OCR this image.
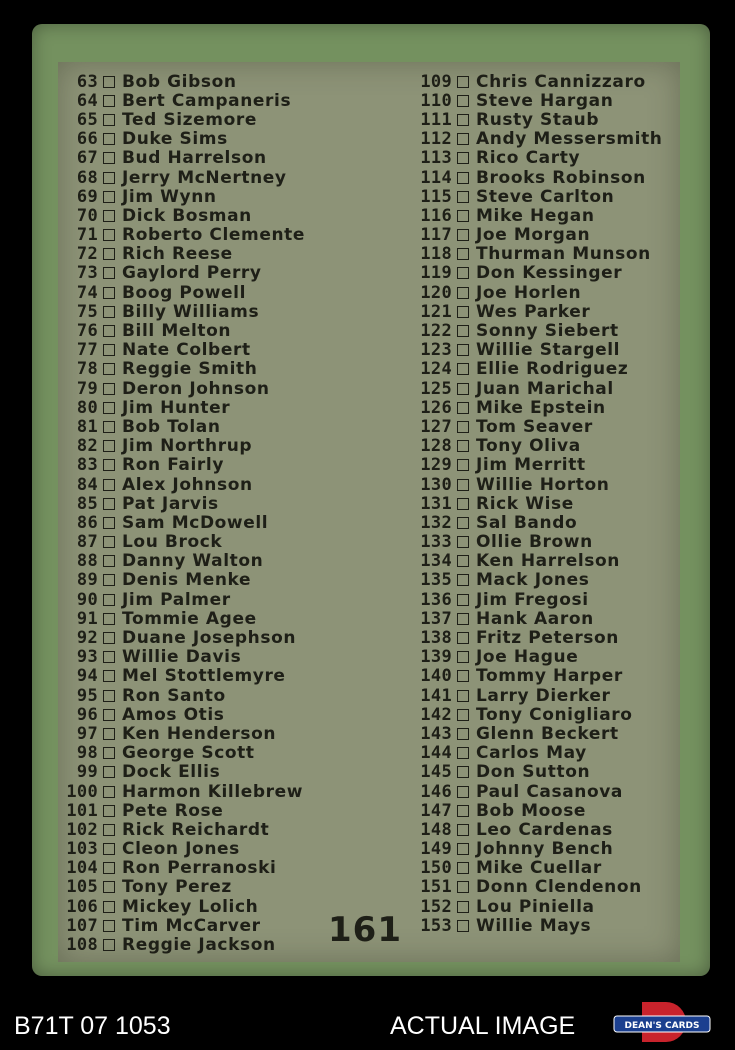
63 Bob Gibson
64 Bert Campaneris
65 Ted Sizemore
66 Duke Sims
67 Bud Harrelson
68 Jerry McNertney
69 Jim Wynn
70 Dick Bosman
71 Roberto Clemente
72 Rich Reese
73 Gaylord Perry
74 Boog Powell
75 Billy Williams
76 Bill Melton
77 Nate Colbert
78 Reggie Smith
79 Deron Johnson
80 Jim Hunter
81 Bob Tolan
82 Jim Northrup
83 Ron Fairly
84 Alex Johnson
85 Pat Jarvis
86 Sam McDowell
87 Lou Brock
88 Danny Walton
89 Denis Menke
90 Jim Palmer
91 Tommie Agee
92 Duane Josephson
93 Willie Davis
94 Mel Stottlemyre
95 Ron Santo
96 Amos Otis
97 Ken Henderson
98 George Scott
99 Dock Ellis
100 Harmon Killebrew
101 Pete Rose
102 Rick Reichardt
103 Cleon Jones
104 Ron Perranoski
105 Tony Perez
106 Mickey Lolich
107 Tim McCarver
108 Reggie Jackson
109 Chris Cannizzaro
110 Steve Hargan
111 Rusty Staub
112 Andy Messersmith
113 Rico Carty
114 Brooks Robinson
115 Steve Carlton
116 Mike Hegan
117 Joe Morgan
118 Thurman Munson
119 Don Kessinger
120 Joe Horlen
121 Wes Parker
122 Sonny Siebert
123 Willie Stargell
124 Ellie Rodriguez
125 Juan Marichal
126 Mike Epstein
127 Tom Seaver
128 Tony Oliva
129 Jim Merritt
130 Willie Horton
131 Rick Wise
132 Sal Bando
133 Ollie Brown
134 Ken Harrelson
135 Mack Jones
136 Jim Fregosi
137 Hank Aaron
138 Fritz Peterson
139 Joe Hague
140 Tommy Harper
141 Larry Dierker
142 Tony Conigliaro
143 Glenn Beckert
144 Carlos May
145 Don Sutton
146 Paul Casanova
147 Bob Moose
148 Leo Cardenas
149 Johnny Bench
150 Mike Cuellar
151 Donn Clendenon
152 Lou Piniella
153 Willie Mays
161
B71T 07 1053	ACTUAL IMAGE	DEAN'S CARDS
